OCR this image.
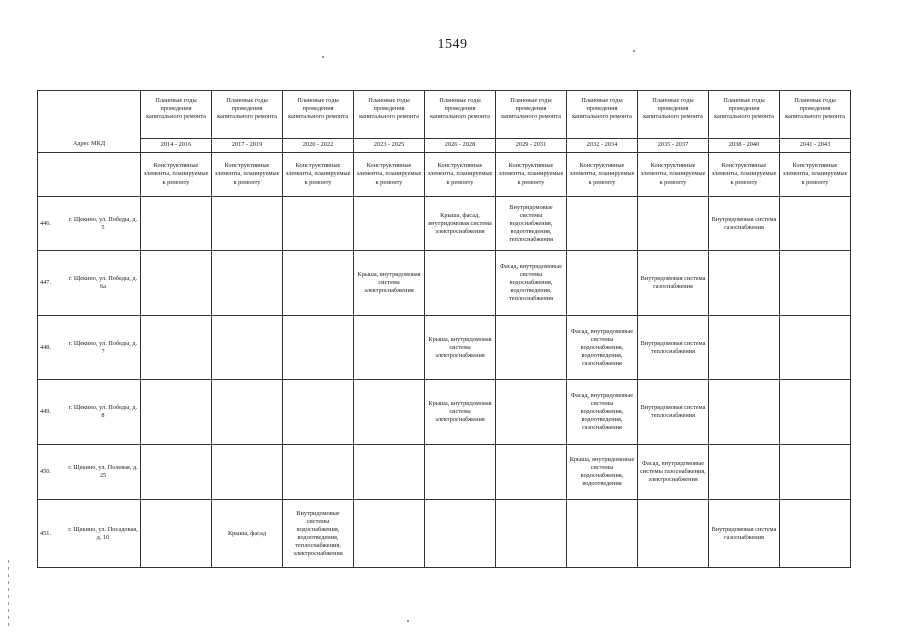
1549
Адрес МКД	Плановые годы проведения капитального ремонта	Плановые годы проведения капитального ремонта	Плановые годы проведения капитального ремонта	Плановые годы проведения капитального ремонта	Плановые годы проведения капитального ремонта	Плановые годы проведения капитального ремонта	Плановые годы проведения капитального ремонта	Плановые годы проведения капитального ремонта	Плановые годы проведения капитального ремонта	Плановые годы проведения капитального ремонта
	2014 - 2016	2017 - 2019	2020 - 2022	2023 - 2025	2026 - 2028	2029 - 2031	2032 - 2034	2035 - 2037	2038 - 2040	2041 - 2043
	Конструктивные элементы, планируемые к ремонту	Конструктивные элементы, планируемые к ремонту	Конструктивные элементы, планируемые к ремонту	Конструктивные элементы, планируемые к ремонту	Конструктивные элементы, планируемые к ремонту	Конструктивные элементы, планируемые к ремонту	Конструктивные элементы, планируемые к ремонту	Конструктивные элементы, планируемые к ремонту	Конструктивные элементы, планируемые к ремонту	Конструктивные элементы, планируемые к ремонту

446.
г. Щекино, ул. Победы, д. 5					Крыша, фасад, внутридомовая система электроснабжения	Внутридомовые системы водоснабжения, водоотведения, теплоснабжения			Внутридомовая система газоснабжения	

447.
г. Щекино, ул. Победы, д. 6а				Крыша, внутридомовая система электроснабжения		Фасад, внутридомовые системы водоснабжения, водоотведения, теплоснабжения		Внутридомовая система газоснабжения		

448.
г. Щекино, ул. Победы, д. 7					Крыша, внутридомовая система электроснабжения		Фасад, внутридомовые системы водоснабжения, водоотведения, газоснабжения	Внутридомовая система теплоснабжения		

449.
г. Щекино, ул. Победы, д. 8					Крыша, внутридомовая система электроснабжения		Фасад, внутридомовые системы водоснабжения, водоотведения, газоснабжения	Внутридомовая система теплоснабжения		

450.
г. Щекино, ул. Полевая, д. 25							Крыша, внутридомовые системы водоснабжения, водоотведения	Фасад, внутридомовые системы газоснабжения, электроснабжения		

451.
г. Щекино, ул. Посадовая, д. 10		Крыша, фасад	Внутридомовые системы водоснабжения, водоотведения, теплоснабжения, электроснабжения						Внутридомовая система газоснабжения	
